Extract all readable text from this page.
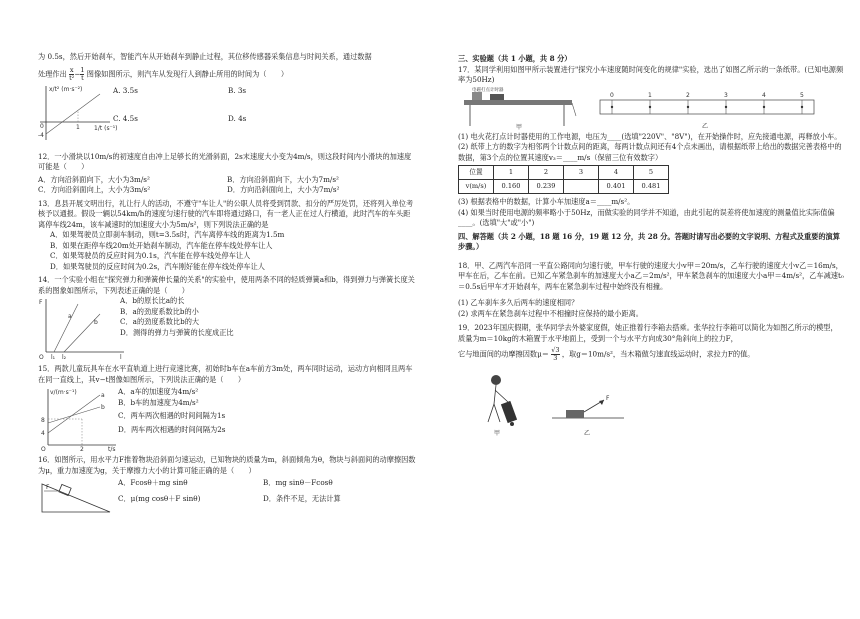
为 0.5s，然后开始刹车，智能汽车从开始刹车到静止过程，其位移传感器采集信息与时间关系，通过数据

处理作出 $\frac{x}{\text{t²}} - \frac{1}{t}$ 图像如图所示，则汽车从发现行人到静止所用的时间为（　　）

x/t² (m·s⁻²)
1/t (s⁻¹)
0
-4
1
A. 3.5s	B. 3s
C. 4.5s	D. 4s

12．一小滑块以10m/s的初速度自由冲上足够长的光滑斜面，2s末速度大小变为4m/s，则这段时间内小滑块的加速度可能是（　　）

A．方向沿斜面向下，大小为3m/s²	B．方向沿斜面向下，大小为7m/s²
C．方向沿斜面向上，大小为3m/s²	D．方向沿斜面向上，大小为7m/s²

13．息县开展文明出行，礼让行人的活动，不遵守"车让人"的公职人员将受到罚款、扣分的严厉处罚，还将列入单位考核予以通报。假设一辆以54km/h的速度匀速行驶的汽车即将通过路口，有一老人正在过人行横道，此时汽车的车头距离停车线24m，该车减速时的加速度大小为5m/s²，则下列说法正确的是

A．如果驾驶员立即刹车制动，则t=3.5s时，汽车离停车线的距离为1.5m

B．如果在距停车线20m处开始刹车制动，汽车能在停车线处停车让人

C．如果驾驶员的反应时间为0.1s，汽车能在停车线处停车让人

D．如果驾驶员的反应时间为0.2s，汽车刚好能在停车线处停车让人

14．一个实验小组在"探究弹力和弹簧伸长量的关系"的实验中，使用两条不同的轻质弹簧a和b，得到弹力与弹簧长度关系的图象如图所示，下列表述正确的是（　　）

F
O	l
l₁ l₂
a
b

A．b的原长比a的长

B．a的劲度系数比b的小

C．a的劲度系数比b的大

D．测得的弹力与弹簧的长度成正比

15．两款儿童玩具车在水平直轨道上进行竞速比赛，初始时b车在a车前方3m处，两车同时运动，运动方向相同且两车在同一直线上，其v−t图像如图所示，下列说法正确的是（　　）

v/(m·s⁻¹)
t/s
8
4
2
O
a
b

A．a车的加速度为4m/s²

B．b车的加速度为4m/s²

C．两车两次相遇的时间间隔为1s

D．两车两次相遇的时间间隔为2s

16．如图所示，用水平力F推着物块沿斜面匀速运动，已知物块的质量为m，斜面倾角为θ，物块与斜面间的动摩擦因数为μ，重力加速度为g，关于摩擦力大小的计算可能正确的是（　　）

F
A．Fcosθ＋mg sinθ	B．mg sinθ－Fcosθ
C．μ(mg cosθ＋F sinθ)	D．条件不足，无法计算

三、实验题（共 1 小题，共 8 分）

17．某同学利用如图甲所示装置进行"探究小车速度随时间变化的规律"实验，选出了如图乙所示的一条纸带。(已知电源频率为50Hz)

电磁打点计时器
甲
0	1	2	3	4	5
乙

(1) 电火花打点计时器使用的工作电源，电压为____(选填"220V"、"8V")，在开始操作时，应先接通电源，再释放小车。

(2) 纸带上方的数字为相邻两个计数点间的距离，每两计数点间还有4个点未画出，请根据纸带上给出的数据完善表格中的数据，第3个点的位置其速度v₃＝____m/s（保留三位有效数字）

位置	1	2	3	4	5
v(m/s)	0.160	0.239		0.401	0.481

(3) 根据表格中的数据，计算小车加速度a＝____m/s²。

(4) 如果当时使用电源的频率略小于50Hz，而做实验的同学并不知道，由此引起的误差将使加速度的测量值比实际值偏____。(选填"大"或"小")

四、解答题（共 2 小题，18 题 16 分，19 题 12 分，共 28 分。答题时请写出必要的文字说明、方程式及重要的演算步骤。）

18．甲、乙两汽车沿同一平直公路同向匀速行驶，甲车行驶的速度大小v甲＝20m/s，乙车行驶的速度大小v乙＝16m/s，甲车在后，乙车在前。已知乙车紧急刹车的加速度大小a乙＝2m/s²，甲车紧急刹车的加速度大小a甲＝4m/s²，乙车减速t₀＝0.5s后甲车才开始刹车，两车在紧急刹车过程中始终没有相撞。

(1) 乙车刹车多久后两车的速度相同？

(2) 求两车在紧急刹车过程中不相撞时应保持的最小距离。

19．2023年国庆假期，张华同学去外婆家度假，她正推着行李箱去搭乘。张华拉行李箱可以简化为如图乙所示的模型，质量为m＝10kg的木箱置于水平地面上，受到一个与水平方向成30°角斜向上的拉力F，

它与地面间的动摩擦因数$\mu= \frac{√3}{3}$ ，取g＝10m/s²，当木箱做匀速直线运动时，求拉力F的值。

甲
F
乙
